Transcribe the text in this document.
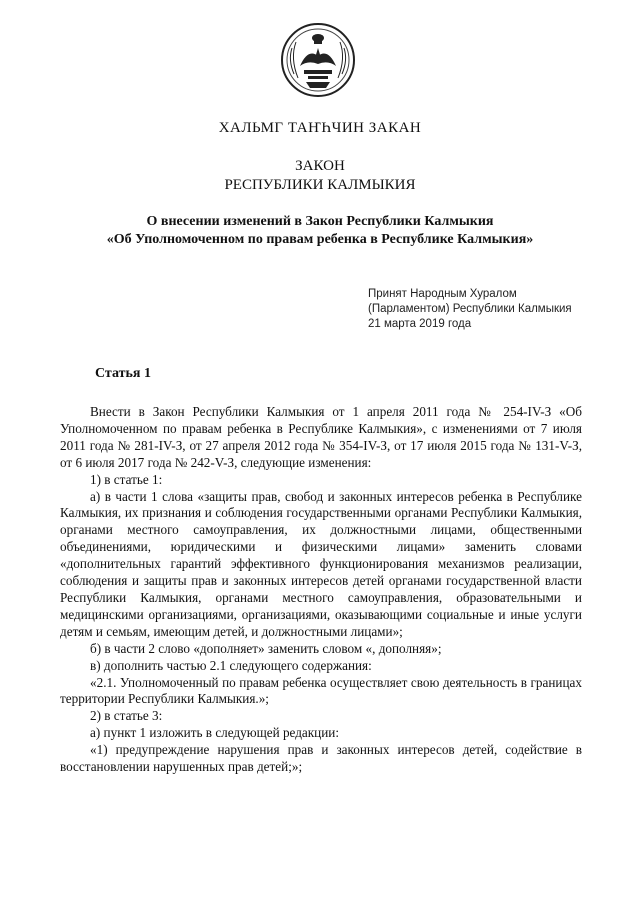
ХАЛЬМГ ТАҤҺЧИН ЗАКАН
ЗАКОН
РЕСПУБЛИКИ КАЛМЫКИЯ
О внесении изменений в Закон Республики Калмыкия
«Об Уполномоченном по правам ребенка в Республике Калмыкия»
Принят Народным Хуралом
(Парламентом) Республики Калмыкия
21 марта 2019 года
Статья 1

Внести в Закон Республики Калмыкия от 1 апреля 2011 года № 254-IV-З «Об Уполномоченном по правам ребенка в Республике Калмыкия», с изменениями от 7 июля 2011 года № 281-IV-З, от 27 апреля 2012 года № 354-IV-З, от 17 июля 2015 года № 131-V-З, от 6 июля 2017 года № 242-V-З, следующие изменения:

1) в статье 1:

а) в части 1 слова «защиты прав, свобод и законных интересов ребенка в Республике Калмыкия, их признания и соблюдения государственными органами Республики Калмыкия, органами местного самоуправления, их должностными лицами, общественными объединениями, юридическими и физическими лицами» заменить словами «дополнительных гарантий эффективного функционирования механизмов реализации, соблюдения и защиты прав и законных интересов детей органами государственной власти Республики Калмыкия, органами местного самоуправления, образовательными и медицинскими организациями, организациями, оказывающими социальные и иные услуги детям и семьям, имеющим детей, и должностными лицами»;

б) в части 2 слово «дополняет» заменить словом «, дополняя»;

в) дополнить частью 2.1 следующего содержания:

«2.1. Уполномоченный по правам ребенка осуществляет свою деятельность в границах территории Республики Калмыкия.»;

2) в статье 3:

а) пункт 1 изложить в следующей редакции:

«1) предупреждение нарушения прав и законных интересов детей, содействие в восстановлении нарушенных прав детей;»;
